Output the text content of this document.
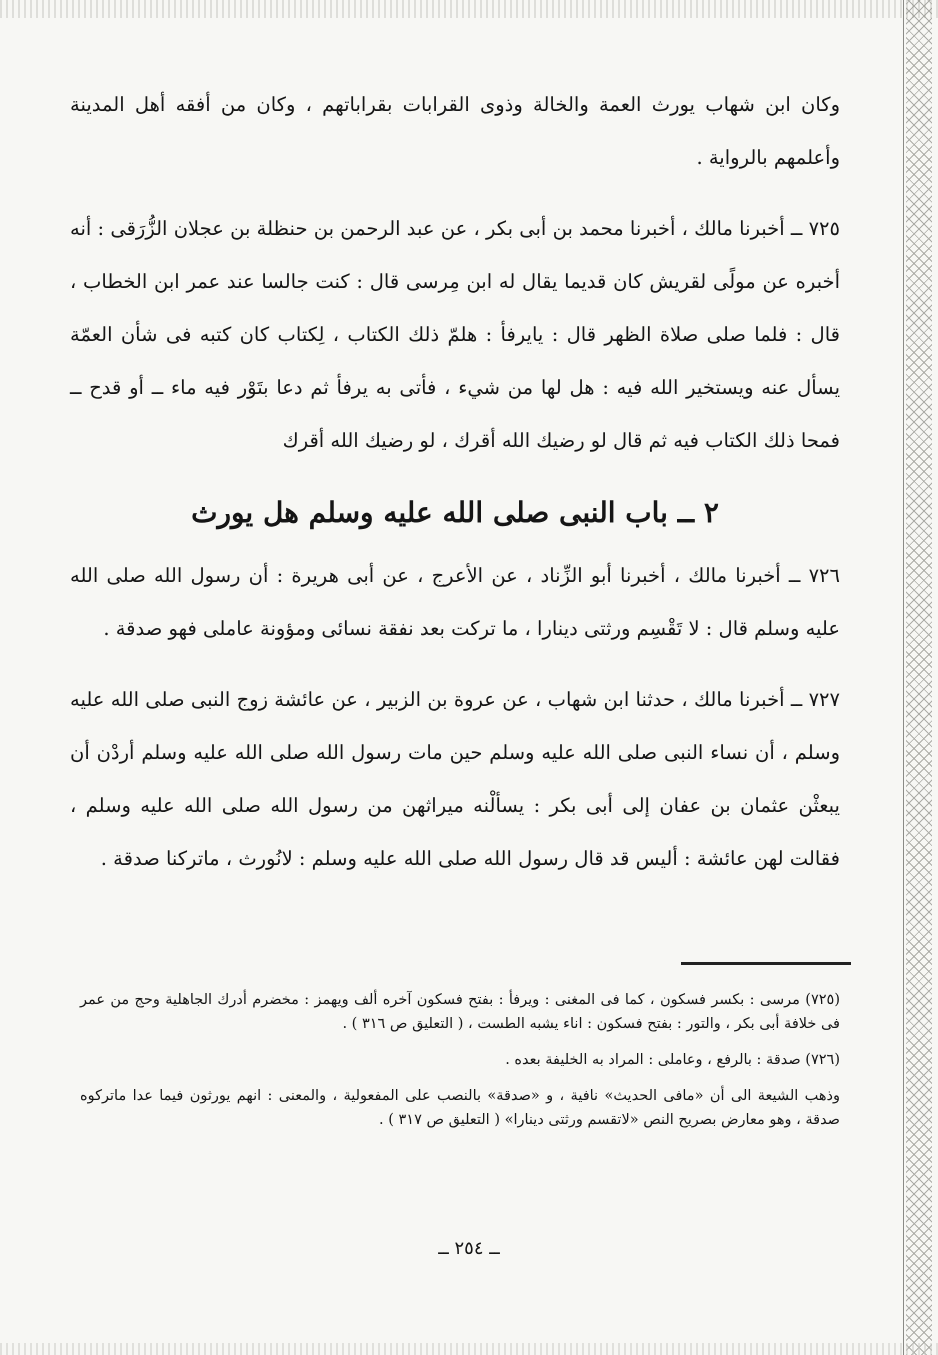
وكان ابن شهاب يورث العمة والخالة وذوى القرابات بقراباتهم ، وكان من أفقه أهل المدينة وأعلمهم بالرواية .

٧٢٥ ــ أخبرنا مالك ، أخبرنا محمد بن أبى بكر ، عن عبد الرحمن بن حنظلة بن عجلان الزُّرَقى : أنه أخبره عن مولًى لقريش كان قديما يقال له ابن مِرسى قال : كنت جالسا عند عمر ابن الخطاب ، قال : فلما صلى صلاة الظهر قال : يايرفأ : هلمّ ذلك الكتاب ، لِكتاب كان كتبه فى شأن العمّة يسأل عنه ويستخير الله فيه : هل لها من شيء ، فأتى به يرفأ ثم دعا بتَوْر فيه ماء ــ أو قدح ــ فمحا ذلك الكتاب فيه ثم قال لو رضيك الله أقرك ، لو رضيك الله أقرك

٢ ــ باب النبى صلى الله عليه وسلم هل يورث

٧٢٦ ــ أخبرنا مالك ، أخبرنا أبو الزِّناد ، عن الأعرج ، عن أبى هريرة : أن رسول الله صلى الله عليه وسلم قال : لا تَقْسِم ورثتى دينارا ، ما تركت بعد نفقة نسائى ومؤونة عاملى فهو صدقة .

٧٢٧ ــ أخبرنا مالك ، حدثنا ابن شهاب ، عن عروة بن الزبير ، عن عائشة زوج النبى صلى الله عليه وسلم ، أن نساء النبى صلى الله عليه وسلم حين مات رسول الله صلى الله عليه وسلم أردْن أن يبعثْن عثمان بن عفان إلى أبى بكر : يسألْنه ميراثهن من رسول الله صلى الله عليه وسلم ، فقالت لهن عائشة : أليس قد قال رسول الله صلى الله عليه وسلم : لانُورث ، ماتركنا صدقة .

(٧٢٥) مرسى : بكسر فسكون ، كما فى المغنى : ويرفأ : بفتح فسكون آخره ألف ويهمز : مخضرم أدرك الجاهلية وحج من عمر فى خلافة أبى بكر ، والتور : بفتح فسكون : اناء يشبه الطست ، ( التعليق ص ٣١٦ ) .

(٧٢٦) صدقة : بالرفع ، وعاملى : المراد به الخليفة بعده .

وذهب الشيعة الى أن «مافى الحديث» نافية ، و «صدقة» بالنصب على المفعولية ، والمعنى : انهم يورثون فيما عدا ماتركوه صدقة ، وهو معارض بصريح النص «لاتقسم ورثتى دينارا» ( التعليق ص ٣١٧ ) .

ــ ٢٥٤ ــ
